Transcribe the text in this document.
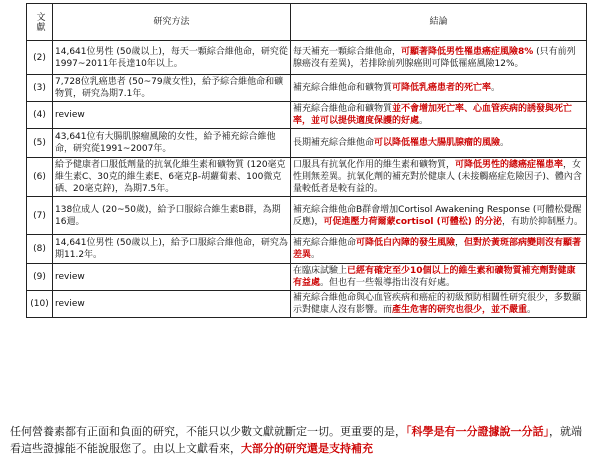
文獻	研究方法	結論
(2)	14,641位男性 (50歲以上)，每天一顆綜合維他命，研究從1997~2011年長達10年以上。	每天補充一顆綜合維他命，可顯著降低男性罹患癌症風險8% (只有前列腺癌沒有差異)，若排除前列腺癌則可降低罹癌風險12%。
(3)	7,728位乳癌患者 (50~79歲女性)，給予綜合維他命和礦物質，研究為期7.1年。	補充綜合維他命和礦物質可降低乳癌患者的死亡率。
(4)	review	補充綜合維他命和礦物質並不會增加死亡率、心血管疾病的誘發與死亡率，並可以提供適度保護的好處。
(5)	43,641位有大腸肌腺瘤風險的女性，給予補充綜合維他命，研究從1991~2007年。	長期補充綜合維他命可以降低罹患大腸肌腺瘤的風險。
(6)	給予健康者口服低劑量的抗氧化維生素和礦物質 (120毫克維生素C、30克的維生素E、6毫克β-胡蘿蔔素、100微克硒、20毫克鋅)，為期7.5年。	口服具有抗氧化作用的維生素和礦物質，可降低男性的總癌症罹患率，女性則無差異。抗氧化劑的補充對於健康人 (未接觸癌症危險因子)、體內含量較低者是較有益的。
(7)	138位成人 (20~50歲)，給予口服綜合維生素B群，為期16週。	補充綜合維他命B群會增加Cortisol Awakening Response (可體松覺醒反應)，可促進壓力荷爾蒙cortisol (可體松) 的分泌，有助於抑制壓力。
(8)	14,641位男性 (50歲以上)，給予口服綜合維他命，研究為期11.2年。	補充綜合維他命可降低白內障的發生風險，但對於黃斑部病變則沒有顯著差異。
(9)	review	在臨床試驗上已經有確定至少10個以上的維生素和礦物質補充劑對健康有益處。但也有一些報導指出沒有好處。
(10)	review	補充綜合維他命與心血管疾病和癌症的初級預防相關性研究很少，多數顯示對健康人沒有影響。而產生危害的研究也很少，並不嚴重。
任何營養素都有正面和負面的研究，不能只以少數文獻就斷定一切。更重要的是，「科學是有一分證據說一分話」，就端看這些證據能不能說服您了。由以上文獻看來，大部分的研究還是支持補充
